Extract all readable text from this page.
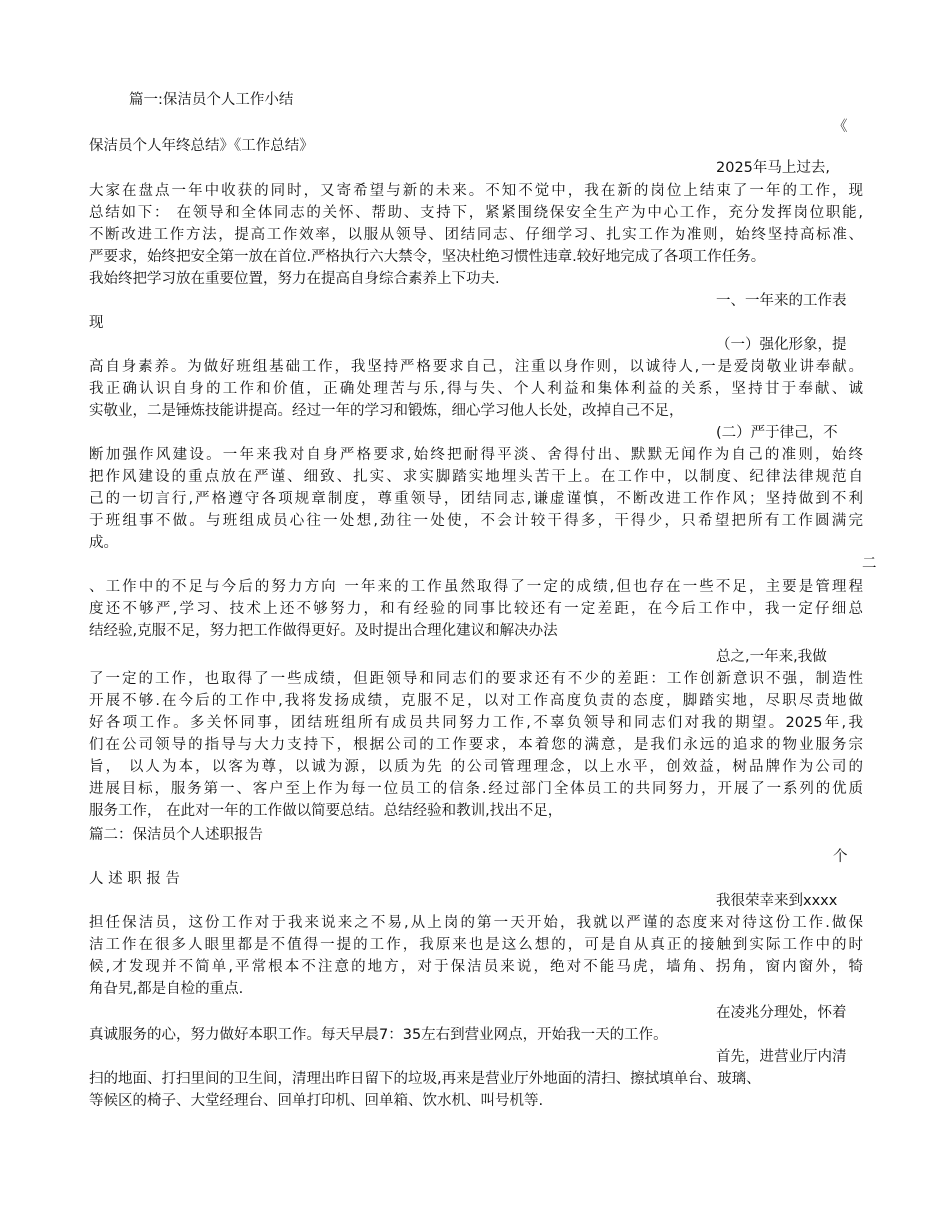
篇一:保洁员个人工作小结
《
保洁员个人年终总结》《工作总结》
2025年马上过去,
大家在盘点一年中收获的同时，又寄希望与新的未来。不知不觉中，我在新的岗位上结束了一年的工作，现
总结如下： 在领导和全体同志的关怀、帮助、支持下，紧紧围绕保安全生产为中心工作，充分发挥岗位职能,
不断改进工作方法，提高工作效率，以服从领导、团结同志、仔细学习、扎实工作为准则，始终坚持高标准、
严要求，始终把安全第一放在首位.严格执行六大禁令，坚决杜绝习惯性违章.较好地完成了各项工作任务。
我始终把学习放在重要位置，努力在提高自身综合素养上下功夫.
一、一年来的工作表
现
（一）强化形象，提
高自身素养。为做好班组基础工作，我坚持严格要求自己，注重以身作则，以诚待人,一是爱岗敬业讲奉献。
我正确认识自身的工作和价值，正确处理苦与乐,得与失、个人利益和集体利益的关系，坚持甘于奉献、诚
实敬业，二是锤炼技能讲提高。经过一年的学习和锻炼，细心学习他人长处，改掉自己不足，
(二）严于律己，不
断加强作风建设。一年来我对自身严格要求,始终把耐得平淡、舍得付出、默默无闻作为自己的准则，始终
把作风建设的重点放在严谨、细致、扎实、求实脚踏实地埋头苦干上。在工作中，以制度、纪律法律规范自
己的一切言行,严格遵守各项规章制度，尊重领导，团结同志,谦虚谨慎，不断改进工作作风；坚持做到不利
于班组事不做。与班组成员心往一处想,劲往一处使，不会计较干得多，干得少，只希望把所有工作圆满完
成。
二
、工作中的不足与今后的努力方向 一年来的工作虽然取得了一定的成绩,但也存在一些不足，主要是管理程
度还不够严,学习、技术上还不够努力，和有经验的同事比较还有一定差距，在今后工作中，我一定仔细总
结经验,克服不足，努力把工作做得更好。及时提出合理化建议和解决办法
总之,一年来,我做
了一定的工作，也取得了一些成绩，但距领导和同志们的要求还有不少的差距：工作创新意识不强，制造性
开展不够.在今后的工作中,我将发扬成绩，克服不足，以对工作高度负责的态度，脚踏实地，尽职尽责地做
好各项工作。多关怀同事，团结班组所有成员共同努力工作,不辜负领导和同志们对我的期望。2025年,我
们在公司领导的指导与大力支持下，根据公司的工作要求，本着您的满意，是我们永远的追求的物业服务宗
旨， 以人为本，以客为尊，以诚为源，以质为先 的公司管理理念，以上水平，创效益，树品牌作为公司的
进展目标，服务第一、客户至上作为每一位员工的信条.经过部门全体员工的共同努力，开展了一系列的优质
服务工作， 在此对一年的工作做以简要总结。总结经验和教训,找出不足，
篇二：保洁员个人述职报告
个
人 述 职 报 告
我很荣幸来到xxxx
担任保洁员，这份工作对于我来说来之不易,从上岗的第一天开始，我就以严谨的态度来对待这份工作.做保
洁工作在很多人眼里都是不值得一提的工作，我原来也是这么想的，可是自从真正的接触到实际工作中的时
候,才发现并不简单,平常根本不注意的地方，对于保洁员来说，绝对不能马虎，墙角、拐角，窗内窗外，犄
角旮旯,都是自检的重点.
在凌兆分理处，怀着
真诚服务的心，努力做好本职工作。每天早晨7：35左右到营业网点，开始我一天的工作。
首先，进营业厅内清
扫的地面、打扫里间的卫生间，清理出昨日留下的垃圾,再来是营业厅外地面的清扫、擦拭填单台、玻璃、
等候区的椅子、大堂经理台、回单打印机、回单箱、饮水机、叫号机等.
